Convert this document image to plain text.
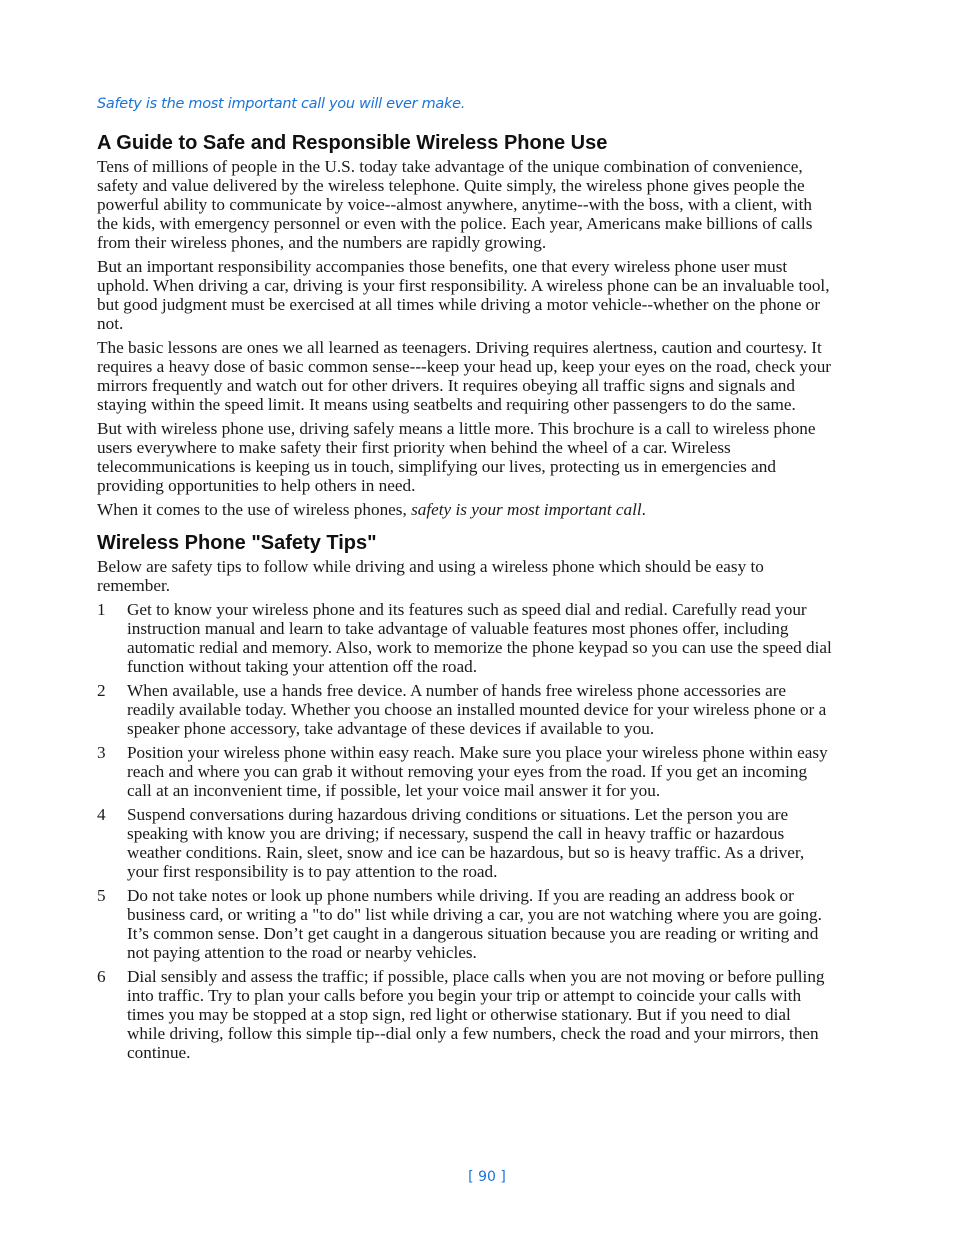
Safety is the most important call you will ever make.
A Guide to Safe and Responsible Wireless Phone Use

Tens of millions of people in the U.S. today take advantage of the unique combination of convenience, safety and value delivered by the wireless telephone. Quite simply, the wireless phone gives people the powerful ability to communicate by voice--almost anywhere, anytime--with the boss, with a client, with the kids, with emergency personnel or even with the police. Each year, Americans make billions of calls from their wireless phones, and the numbers are rapidly growing.

But an important responsibility accompanies those benefits, one that every wireless phone user must uphold. When driving a car, driving is your first responsibility. A wireless phone can be an invaluable tool, but good judgment must be exercised at all times while driving a motor vehicle--whether on the phone or not.

The basic lessons are ones we all learned as teenagers. Driving requires alertness, caution and courtesy. It requires a heavy dose of basic common sense---keep your head up, keep your eyes on the road, check your mirrors frequently and watch out for other drivers. It requires obeying all traffic signs and signals and staying within the speed limit. It means using seatbelts and requiring other passengers to do the same.

But with wireless phone use, driving safely means a little more. This brochure is a call to wireless phone users everywhere to make safety their first priority when behind the wheel of a car. Wireless telecommunications is keeping us in touch, simplifying our lives, protecting us in emergencies and providing opportunities to help others in need.

When it comes to the use of wireless phones, safety is your most important call.

Wireless Phone "Safety Tips"

Below are safety tips to follow while driving and using a wireless phone which should be easy to remember.

1	Get to know your wireless phone and its features such as speed dial and redial. Carefully read your instruction manual and learn to take advantage of valuable features most phones offer, including automatic redial and memory. Also, work to memorize the phone keypad so you can use the speed dial function without taking your attention off the road.
2	When available, use a hands free device. A number of hands free wireless phone accessories are readily available today. Whether you choose an installed mounted device for your wireless phone or a speaker phone accessory, take advantage of these devices if available to you.
3	Position your wireless phone within easy reach. Make sure you place your wireless phone within easy reach and where you can grab it without removing your eyes from the road. If you get an incoming call at an inconvenient time, if possible, let your voice mail answer it for you.
4	Suspend conversations during hazardous driving conditions or situations. Let the person you are speaking with know you are driving; if necessary, suspend the call in heavy traffic or hazardous weather conditions. Rain, sleet, snow and ice can be hazardous, but so is heavy traffic. As a driver, your first responsibility is to pay attention to the road.
5	Do not take notes or look up phone numbers while driving. If you are reading an address book or business card, or writing a "to do" list while driving a car, you are not watching where you are going. It’s common sense. Don’t get caught in a dangerous situation because you are reading or writing and not paying attention to the road or nearby vehicles.
6	Dial sensibly and assess the traffic; if possible, place calls when you are not moving or before pulling into traffic. Try to plan your calls before you begin your trip or attempt to coincide your calls with times you may be stopped at a stop sign, red light or otherwise stationary. But if you need to dial while driving, follow this simple tip--dial only a few numbers, check the road and your mirrors, then continue.
[ 90 ]
